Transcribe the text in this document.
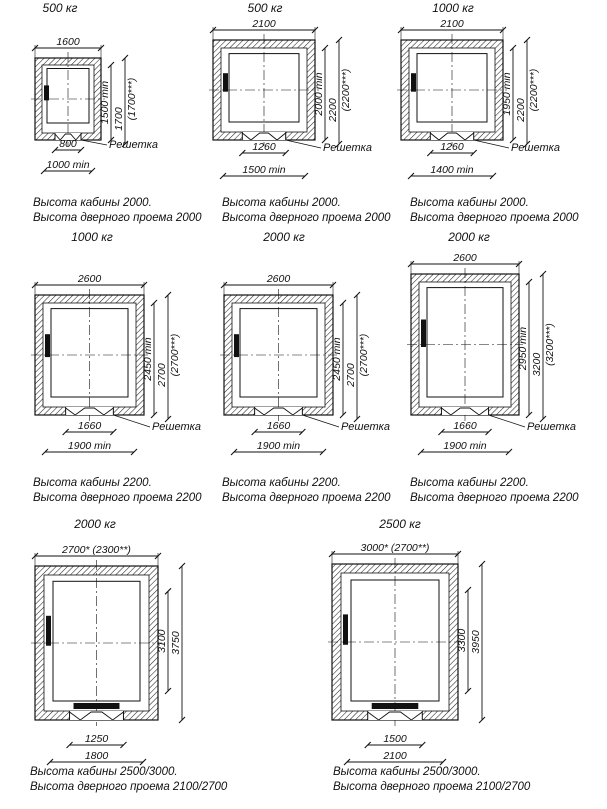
500 кг
1600
1500 min 1700 (1700***)
800
1000 min
Решетка
500 кг
2100
2000 min 2200 (2200***)
1260
1500 min
Решетка
1000 кг
2100
1950 min 2200 (2200***)
1260
1400 min
Решетка
1000 кг
2600
2450 min 2700 (2700***)
1660
1900 min
Решетка
2000 кг
2600
2450 min 2700 (2700***)
1660
1900 min
Решетка
2000 кг
2600
2950 min 3200 (3200***)
1660
1900 min
Решетка
2000 кг
2700* (2300**)
3100 3750
1250
1800
2500 кг
3000* (2700**)
3300 3950
1500
2100
Высота кабины 2000.
Высота дверного проема 2000
Высота кабины 2000.
Высота дверного проема 2000
Высота кабины 2000.
Высота дверного проема 2000
Высота кабины 2200.
Высота дверного проема 2200
Высота кабины 2200.
Высота дверного проема 2200
Высота кабины 2200.
Высота дверного проема 2200
Высота кабины 2500/3000.
Высота дверного проема 2100/2700
Высота кабины 2500/3000.
Высота дверного проема 2100/2700
